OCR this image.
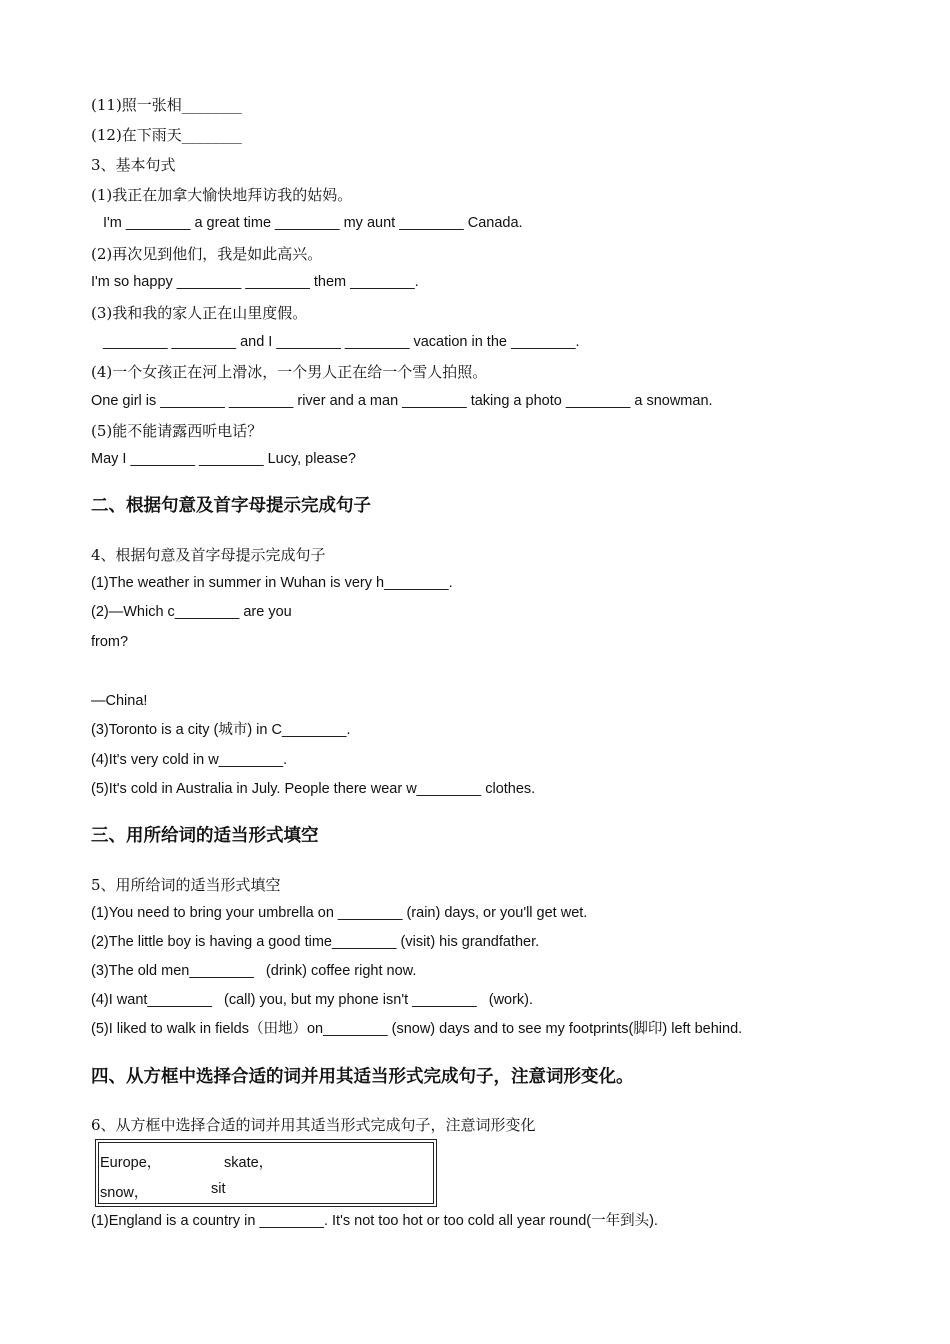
(11)照一张相________
(12)在下雨天________
3、基本句式
(1)我正在加拿大愉快地拜访我的姑妈。
I'm ________ a great time ________ my aunt ________ Canada.
(2)再次见到他们，我是如此高兴。
I'm so happy ________ ________ them ________.
(3)我和我的家人正在山里度假。
________ ________ and I ________ ________ vacation in the ________.
(4)一个女孩正在河上滑冰，一个男人正在给一个雪人拍照。
One girl is ________ ________ river and a man ________ taking a photo ________ a snowman.
(5)能不能请露西听电话？
May I ________ ________ Lucy, please?
二、根据句意及首字母提示完成句子
4、根据句意及首字母提示完成句子
(1)The weather in summer in Wuhan is very h________.
(2)—Which c________ are you
from?
—China!
(3)Toronto is a city (城市) in C________.
(4)It's very cold in w________.
(5)It's cold in Australia in July. People there wear w________ clothes.
三、用所给词的适当形式填空
5、用所给词的适当形式填空
(1)You need to bring your umbrella on ________ (rain) days, or you'll get wet.
(2)The little boy is having a good time________ (visit) his grandfather.
(3)The old men________   (drink) coffee right now.
(4)I want________   (call) you, but my phone isn't ________   (work).
(5)I liked to walk in fields（田地）on________ (snow) days and to see my footprints(脚印) left behind.
四、从方框中选择合适的词并用其适当形式完成句子，注意词形变化。
6、从方框中选择合适的词并用其适当形式完成句子，注意词形变化
Europe，	skate，
snow，	sit
(1)England is a country in ________. It's not too hot or too cold all year round(一年到头).
